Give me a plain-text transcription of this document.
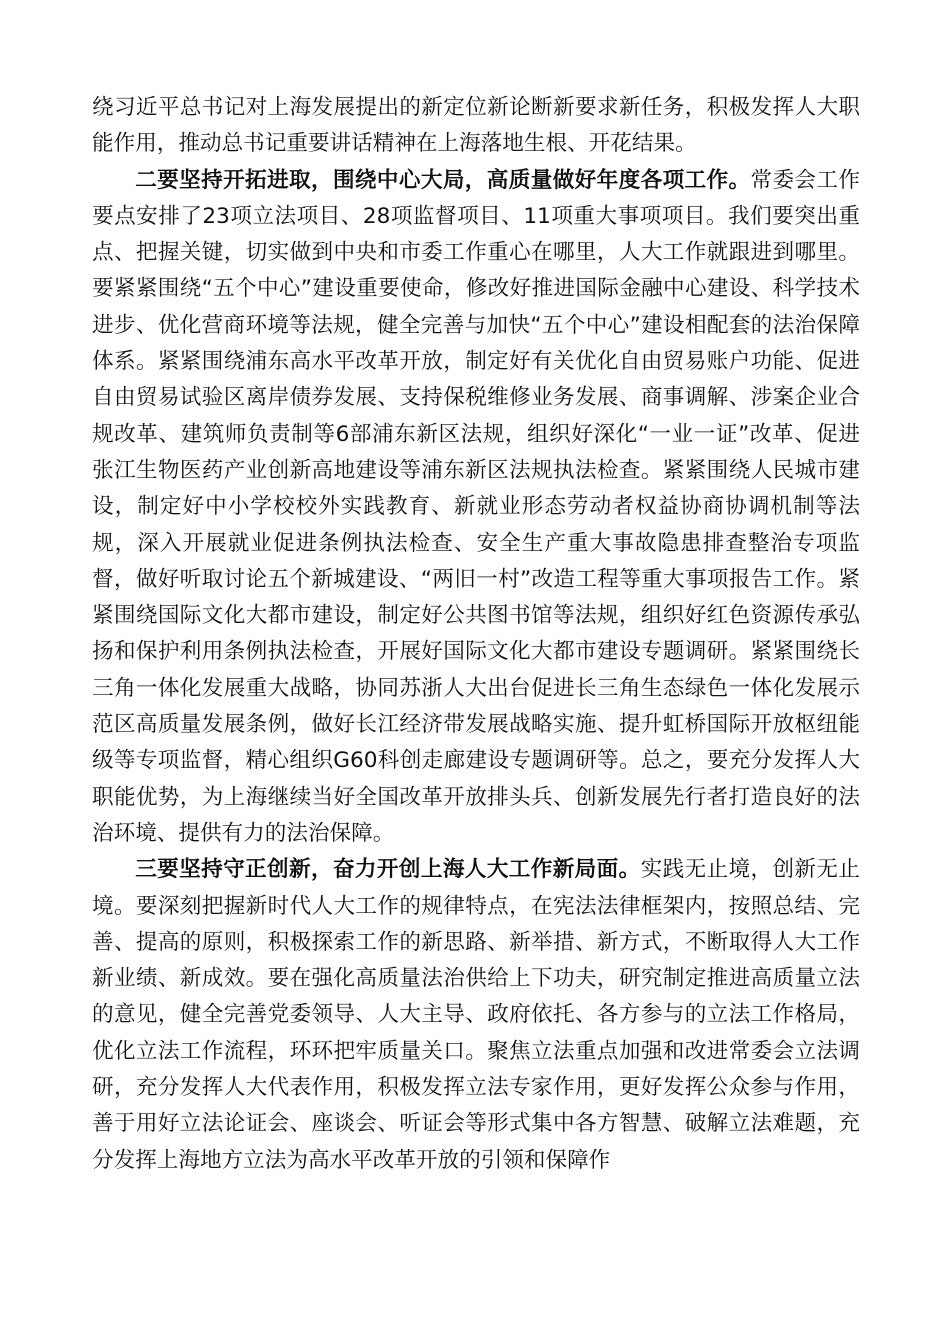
绕习近平总书记对上海发展提出的新定位新论断新要求新任务，积极发挥人大职能作用，推动总书记重要讲话精神在上海落地生根、开花结果。

二要坚持开拓进取，围绕中心大局，高质量做好年度各项工作。常委会工作要点安排了23项立法项目、28项监督项目、11项重大事项项目。我们要突出重点、把握关键，切实做到中央和市委工作重心在哪里，人大工作就跟进到哪里。要紧紧围绕“五个中心”建设重要使命，修改好推进国际金融中心建设、科学技术进步、优化营商环境等法规，健全完善与加快“五个中心”建设相配套的法治保障体系。紧紧围绕浦东高水平改革开放，制定好有关优化自由贸易账户功能、促进自由贸易试验区离岸债券发展、支持保税维修业务发展、商事调解、涉案企业合规改革、建筑师负责制等6部浦东新区法规，组织好深化“一业一证”改革、促进张江生物医药产业创新高地建设等浦东新区法规执法检查。紧紧围绕人民城市建设，制定好中小学校校外实践教育、新就业形态劳动者权益协商协调机制等法规，深入开展就业促进条例执法检查、安全生产重大事故隐患排查整治专项监督，做好听取讨论五个新城建设、“两旧一村”改造工程等重大事项报告工作。紧紧围绕国际文化大都市建设，制定好公共图书馆等法规，组织好红色资源传承弘扬和保护利用条例执法检查，开展好国际文化大都市建设专题调研。紧紧围绕长三角一体化发展重大战略，协同苏浙人大出台促进长三角生态绿色一体化发展示范区高质量发展条例，做好长江经济带发展战略实施、提升虹桥国际开放枢纽能级等专项监督，精心组织G60科创走廊建设专题调研等。总之，要充分发挥人大职能优势，为上海继续当好全国改革开放排头兵、创新发展先行者打造良好的法治环境、提供有力的法治保障。

三要坚持守正创新，奋力开创上海人大工作新局面。实践无止境，创新无止境。要深刻把握新时代人大工作的规律特点，在宪法法律框架内，按照总结、完善、提高的原则，积极探索工作的新思路、新举措、新方式，不断取得人大工作新业绩、新成效。要在强化高质量法治供给上下功夫，研究制定推进高质量立法的意见，健全完善党委领导、人大主导、政府依托、各方参与的立法工作格局，优化立法工作流程，环环把牢质量关口。聚焦立法重点加强和改进常委会立法调研，充分发挥人大代表作用，积极发挥立法专家作用，更好发挥公众参与作用，善于用好立法论证会、座谈会、听证会等形式集中各方智慧、破解立法难题，充分发挥上海地方立法为高水平改革开放的引领和保障作
